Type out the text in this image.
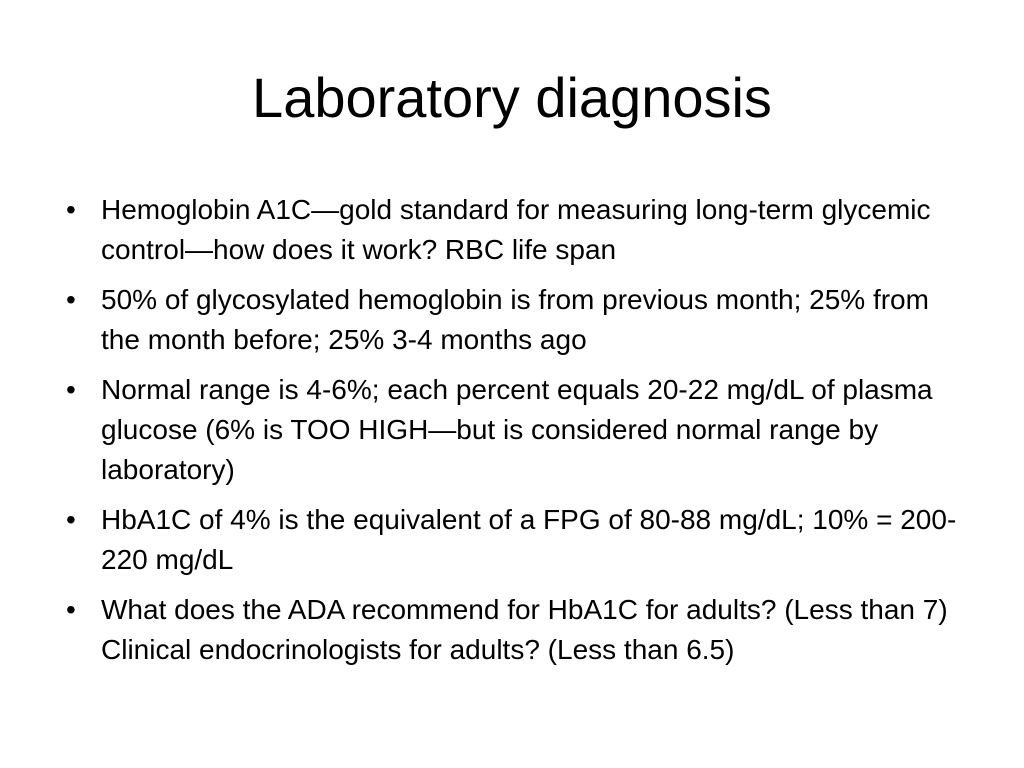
Laboratory diagnosis
• Hemoglobin A1C—gold standard for measuring long-term glycemic control—how does it work? RBC life span
• 50% of glycosylated hemoglobin is from previous month; 25% from the month before; 25% 3-4 months ago
• Normal range is 4-6%; each percent equals 20-22 mg/dL of plasma glucose (6% is TOO HIGH—but is considered normal range by laboratory)
• HbA1C of 4% is the equivalent of a FPG of 80-88 mg/dL; 10% = 200-220 mg/dL
• What does the ADA recommend for HbA1C for adults? (Less than 7) Clinical endocrinologists for adults? (Less than 6.5)
